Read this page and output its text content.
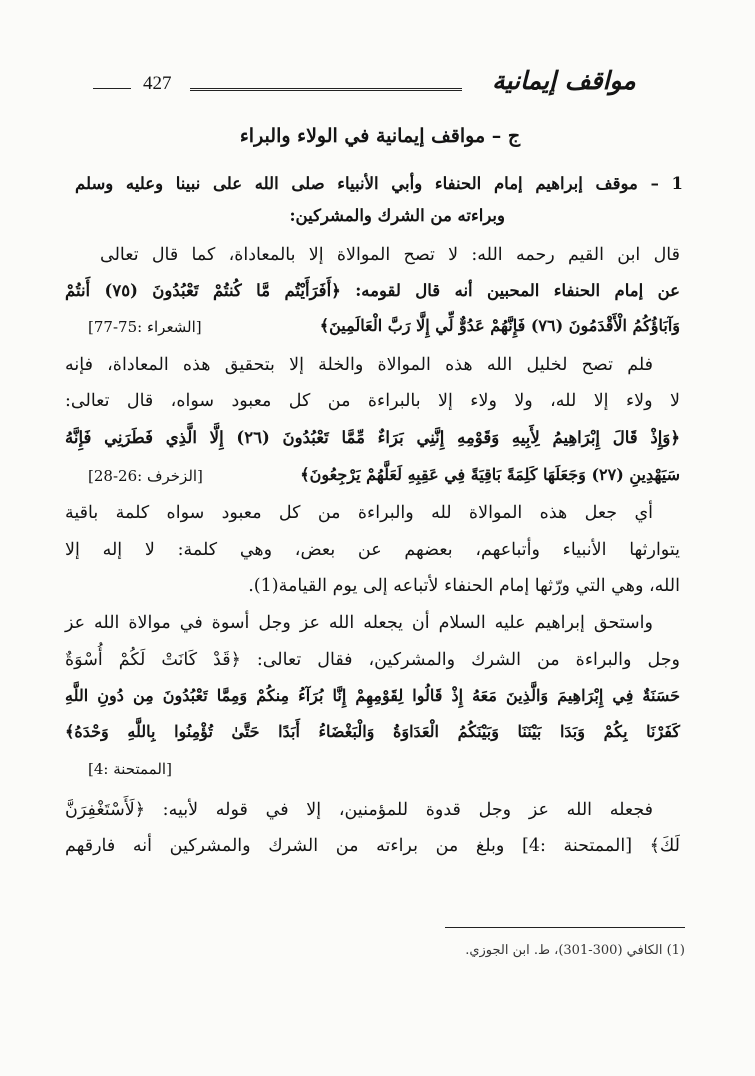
427	مواقف إيمانية
ج – مواقف إيمانية في الولاء والبراء
1 – موقف إبراهيم إمام الحنفاء وأبي الأنبياء صلى الله على نبينا وعليه وسلم
وبراءته من الشرك والمشركين:
قال ابن القيم رحمه الله: لا تصح الموالاة إلا بالمعاداة، كما قال تعالى
عن إمام الحنفاء المحبين أنه قال لقومه: ﴿أَفَرَأَيْتُم مَّا كُنتُمْ تَعْبُدُونَ (٧٥) أَنتُمْ
وَآبَاؤُكُمُ الْأَقْدَمُونَ (٧٦) فَإِنَّهُمْ عَدُوٌّ لِّي إِلَّا رَبَّ الْعَالَمِينَ﴾
[الشعراء :75-77]
فلم تصح لخليل الله هذه الموالاة والخلة إلا بتحقيق هذه المعاداة، فإنه
لا ولاء إلا لله، ولا ولاء إلا بالبراءة من كل معبود سواه، قال تعالى:
﴿وَإِذْ قَالَ إِبْرَاهِيمُ لِأَبِيهِ وَقَوْمِهِ إِنَّنِي بَرَاءٌ مِّمَّا تَعْبُدُونَ (٢٦) إِلَّا الَّذِي فَطَرَنِي فَإِنَّهُ
سَيَهْدِينِ (٢٧) وَجَعَلَهَا كَلِمَةً بَاقِيَةً فِي عَقِبِهِ لَعَلَّهُمْ يَرْجِعُونَ﴾
[الزخرف :26-28]
أي جعل هذه الموالاة لله والبراءة من كل معبود سواه كلمة باقية
يتوارثها الأنبياء وأتباعهم، بعضهم عن بعض، وهي كلمة: لا إله إلا
الله، وهي التي ورّثها إمام الحنفاء لأتباعه إلى يوم القيامة(1).
واستحق إبراهيم عليه السلام أن يجعله الله عز وجل أسوة في موالاة الله عز
وجل والبراءة من الشرك والمشركين، فقال تعالى: ﴿قَدْ كَانَتْ لَكُمْ أُسْوَةٌ
حَسَنَةٌ فِي إِبْرَاهِيمَ وَالَّذِينَ مَعَهُ إِذْ قَالُوا لِقَوْمِهِمْ إِنَّا بُرَآءُ مِنكُمْ وَمِمَّا تَعْبُدُونَ مِن دُونِ اللَّهِ
كَفَرْنَا بِكُمْ وَبَدَا بَيْنَنَا وَبَيْنَكُمُ الْعَدَاوَةُ وَالْبَغْضَاءُ أَبَدًا حَتَّىٰ تُؤْمِنُوا بِاللَّهِ وَحْدَهُ﴾
[الممتحنة :4]
فجعله الله عز وجل قدوة للمؤمنين، إلا في قوله لأبيه: ﴿لَأَسْتَغْفِرَنَّ
لَكَ﴾ [الممتحنة :4] وبلغ من براءته من الشرك والمشركين أنه فارقهم
(1) الكافي (300-301)، ط. ابن الجوزي.
